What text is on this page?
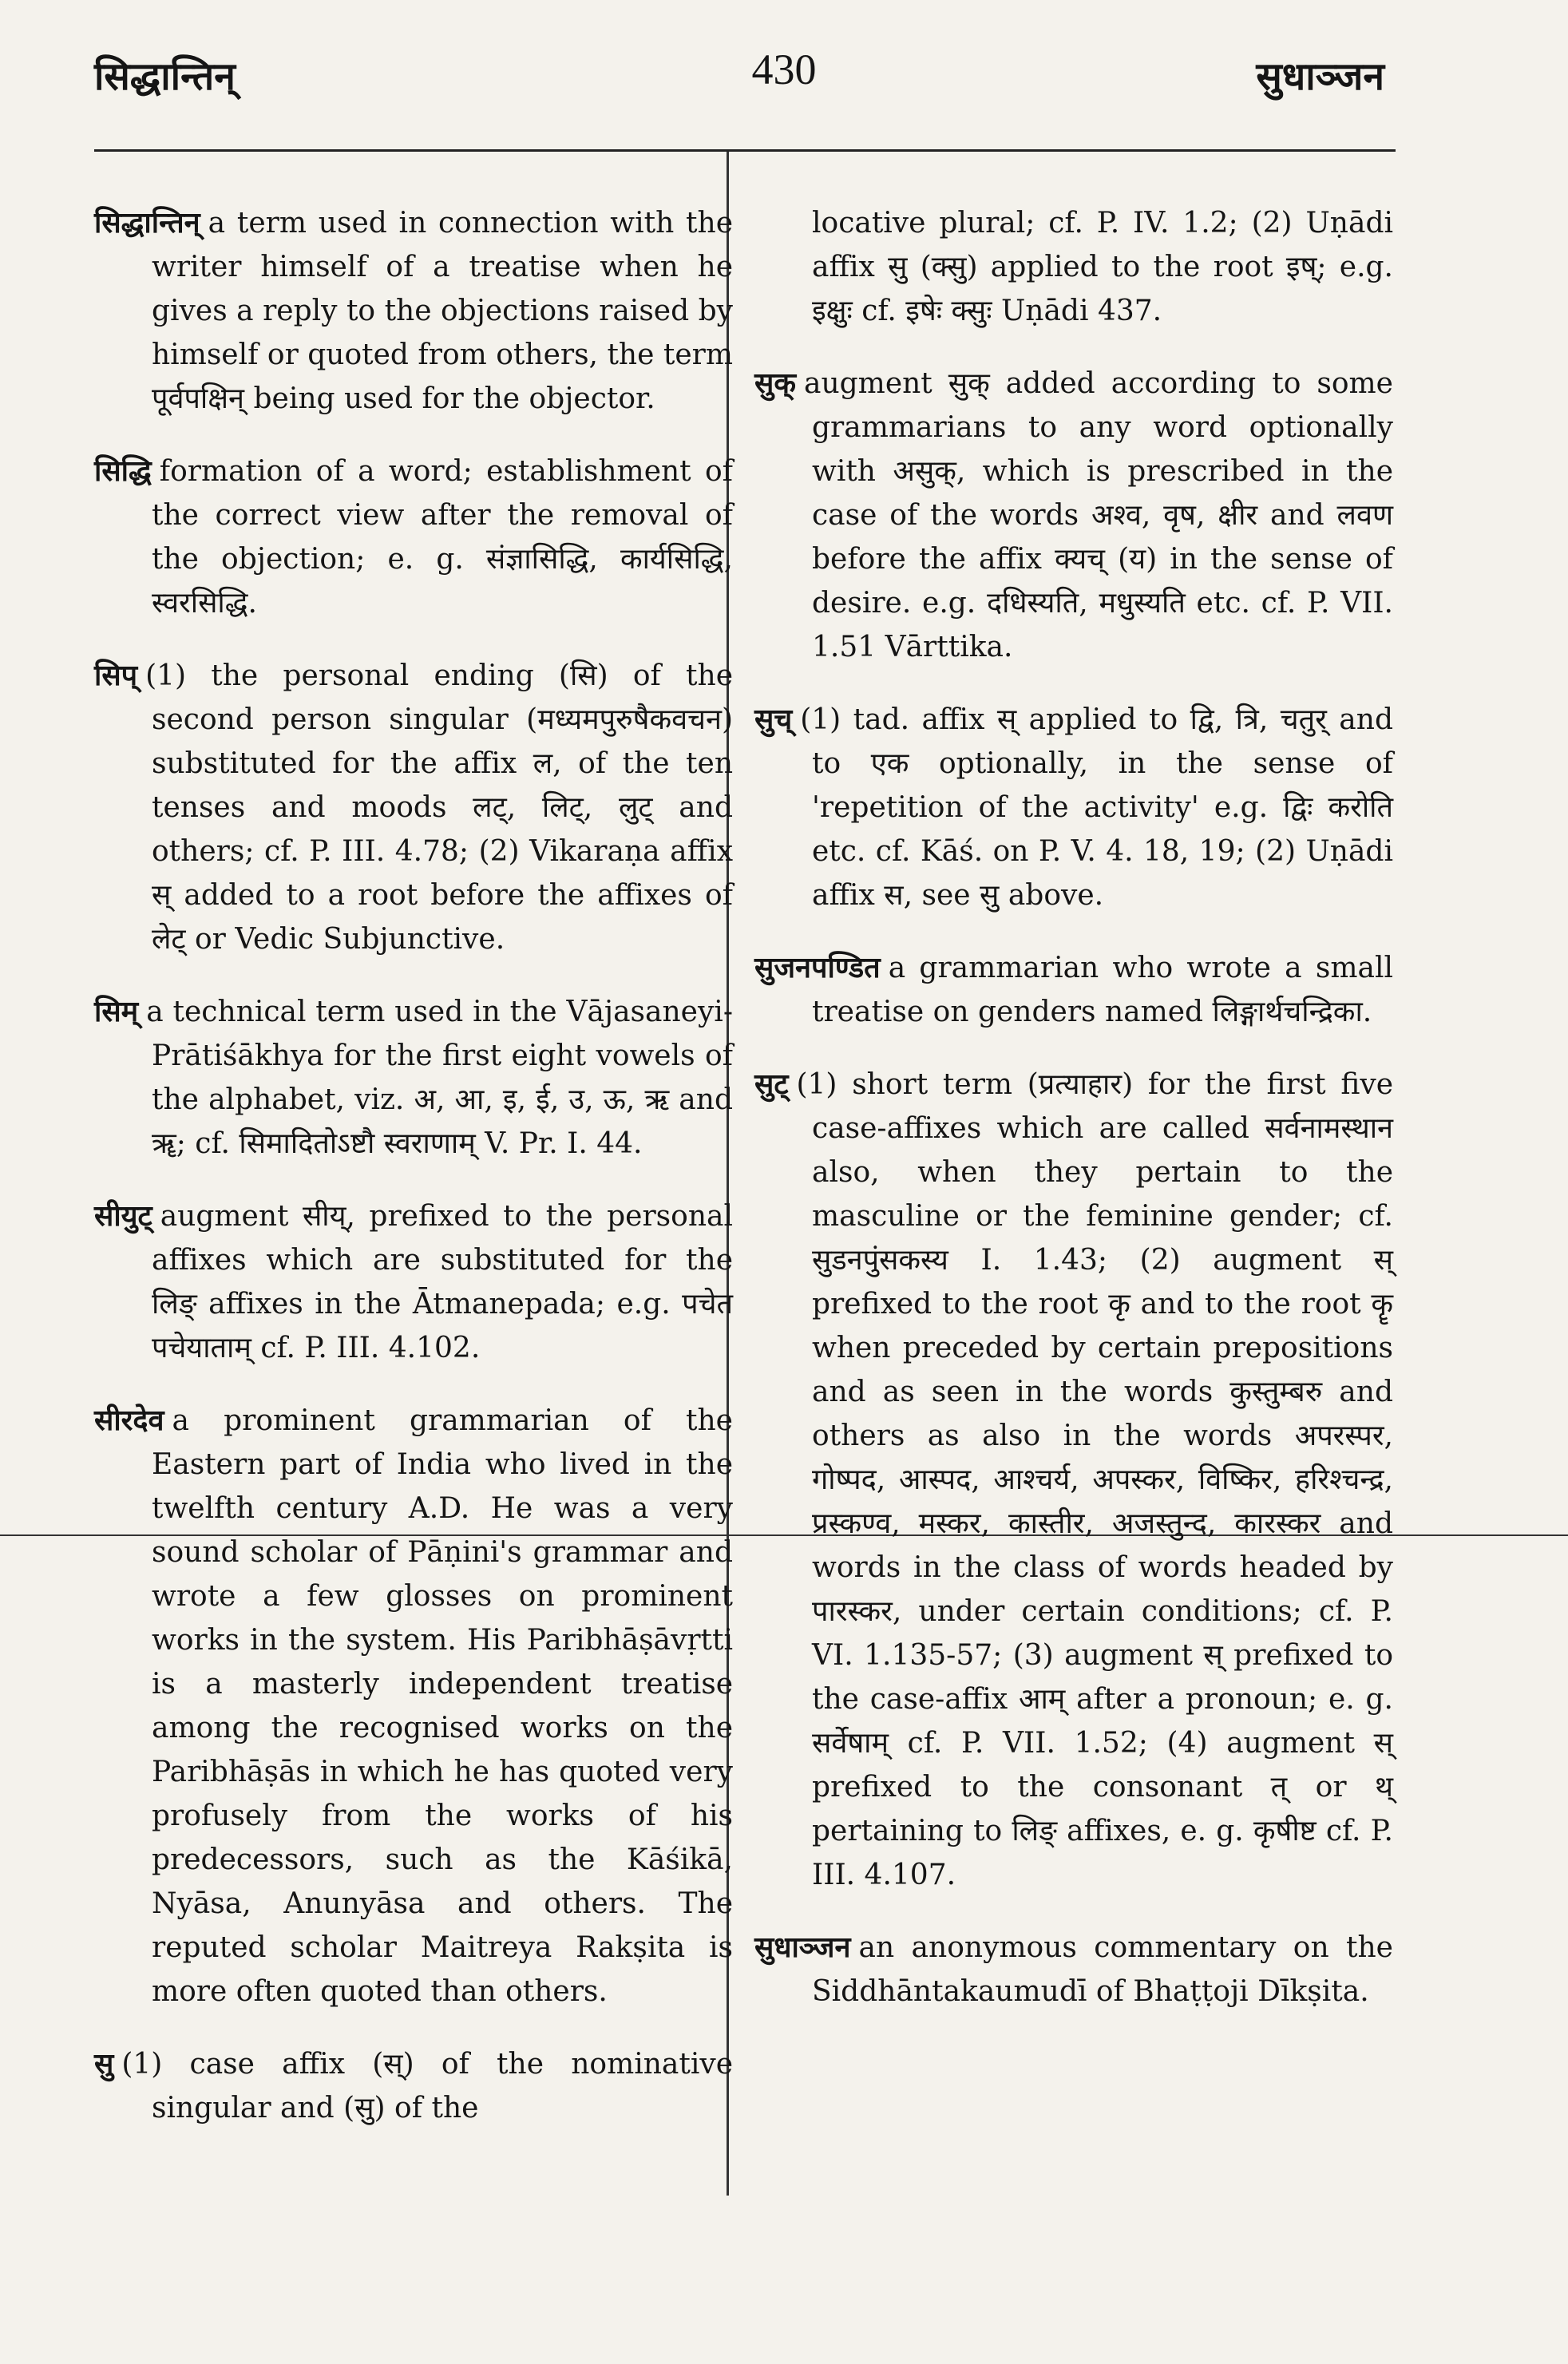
सिद्धान्तिन्	430	सुधाञ्जन

सिद्धान्तिन् a term used in connection with the writer himself of a treatise when he gives a reply to the objections raised by himself or quoted from others, the term पूर्वपक्षिन् being used for the objector.

सिद्धि formation of a word; establishment of the correct view after the removal of the objection; e. g. संज्ञासिद्धि, कार्यसिद्धि, स्वरसिद्धि.

सिप् (1) the personal ending (सि) of the second person singular (मध्यमपुरुषैकवचन) substituted for the affix ल, of the ten tenses and moods लट्, लिट्, लुट् and others; cf. P. III. 4.78; (2) Vikaraṇa affix स् added to a root before the affixes of लेट् or Vedic Subjunctive.

सिम् a technical term used in the Vājasaneyi-Prātiśākhya for the first eight vowels of the alphabet, viz. अ, आ, इ, ई, उ, ऊ, ऋ and ॠ; cf. सिमादितोऽष्टौ स्वराणाम् V. Pr. I. 44.

सीयुट् augment सीय्, prefixed to the personal affixes which are substituted for the लिङ् affixes in the Ātmanepada; e.g. पचेत पचेयाताम् cf. P. III. 4.102.

सीरदेव a prominent grammarian of the Eastern part of India who lived in the twelfth century A.D. He was a very sound scholar of Pāṇini's grammar and wrote a few glosses on prominent works in the system. His Paribhāṣāvṛtti is a masterly independent treatise among the recognised works on the Paribhāṣās in which he has quoted very profusely from the works of his predecessors, such as the Kāśikā, Nyāsa, Anunyāsa and others. The reputed scholar Maitreya Rakṣita is more often quoted than others.

सु (1) case affix (स्) of the nominative singular and (सु) of the

locative plural; cf. P. IV. 1.2; (2) Uṇādi affix सु (क्सु) applied to the root इष्; e.g. इक्षुः cf. इषेः क्सुः Uṇādi 437.

सुक् augment सुक् added according to some grammarians to any word optionally with असुक्, which is prescribed in the case of the words अश्व, वृष, क्षीर and लवण before the affix क्यच् (य) in the sense of desire. e.g. दधिस्यति, मधुस्यति etc. cf. P. VII. 1.51 Vārttika.

सुच् (1) tad. affix स् applied to द्वि, त्रि, चतुर् and to एक optionally, in the sense of 'repetition of the activity' e.g. द्विः करोति etc. cf. Kāś. on P. V. 4. 18, 19; (2) Uṇādi affix स, see सु above.

सुजनपण्डित a grammarian who wrote a small treatise on genders named लिङ्गार्थचन्द्रिका.

सुट् (1) short term (प्रत्याहार) for the first five case-affixes which are called सर्वनामस्थान also, when they pertain to the masculine or the feminine gender; cf. सुडनपुंसकस्य I. 1.43; (2) augment स् prefixed to the root कृ and to the root कॄ when preceded by certain prepositions and as seen in the words कुस्तुम्बरु and others as also in the words अपरस्पर, गोष्पद, आस्पद, आश्चर्य, अपस्कर, विष्किर, हरिश्चन्द्र, प्रस्कण्व, मस्कर, कास्तीर, अजस्तुन्द, कारस्कर and words in the class of words headed by पारस्कर, under certain conditions; cf. P. VI. 1.135-57; (3) augment स् prefixed to the case-affix आम् after a pronoun; e. g. सर्वेषाम् cf. P. VII. 1.52; (4) augment स् prefixed to the consonant त् or थ् pertaining to लिङ् affixes, e. g. कृषीष्ट cf. P. III. 4.107.

सुधाञ्जन an anonymous commentary on the Siddhāntakaumudī of Bhaṭṭoji Dīkṣita.
